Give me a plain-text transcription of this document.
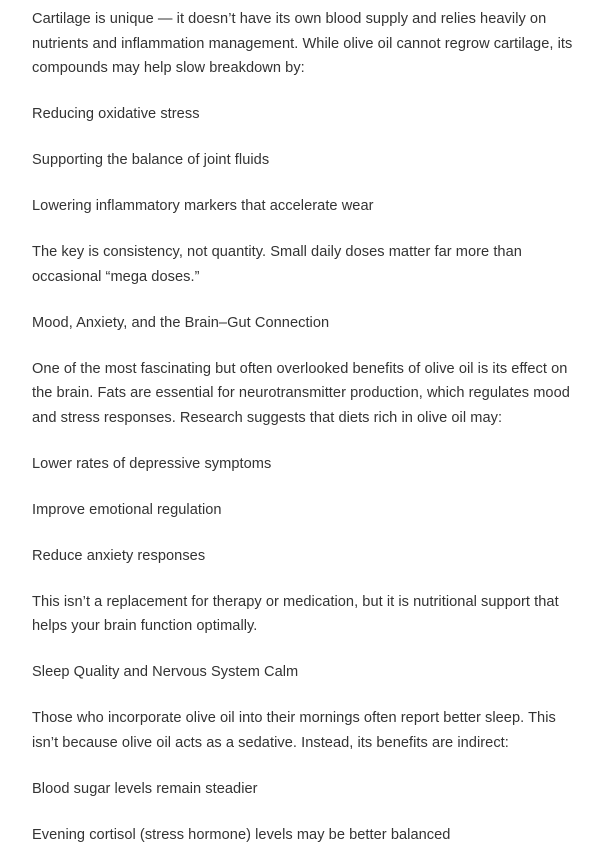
Cartilage is unique — it doesn’t have its own blood supply and relies heavily on nutrients and inflammation management. While olive oil cannot regrow cartilage, its compounds may help slow breakdown by:

Reducing oxidative stress

Supporting the balance of joint fluids

Lowering inflammatory markers that accelerate wear

The key is consistency, not quantity. Small daily doses matter far more than occasional “mega doses.”

Mood, Anxiety, and the Brain–Gut Connection

One of the most fascinating but often overlooked benefits of olive oil is its effect on the brain. Fats are essential for neurotransmitter production, which regulates mood and stress responses. Research suggests that diets rich in olive oil may:

Lower rates of depressive symptoms

Improve emotional regulation

Reduce anxiety responses

This isn’t a replacement for therapy or medication, but it is nutritional support that helps your brain function optimally.

Sleep Quality and Nervous System Calm

Those who incorporate olive oil into their mornings often report better sleep. This isn’t because olive oil acts as a sedative. Instead, its benefits are indirect:

Blood sugar levels remain steadier

Evening cortisol (stress hormone) levels may be better balanced
